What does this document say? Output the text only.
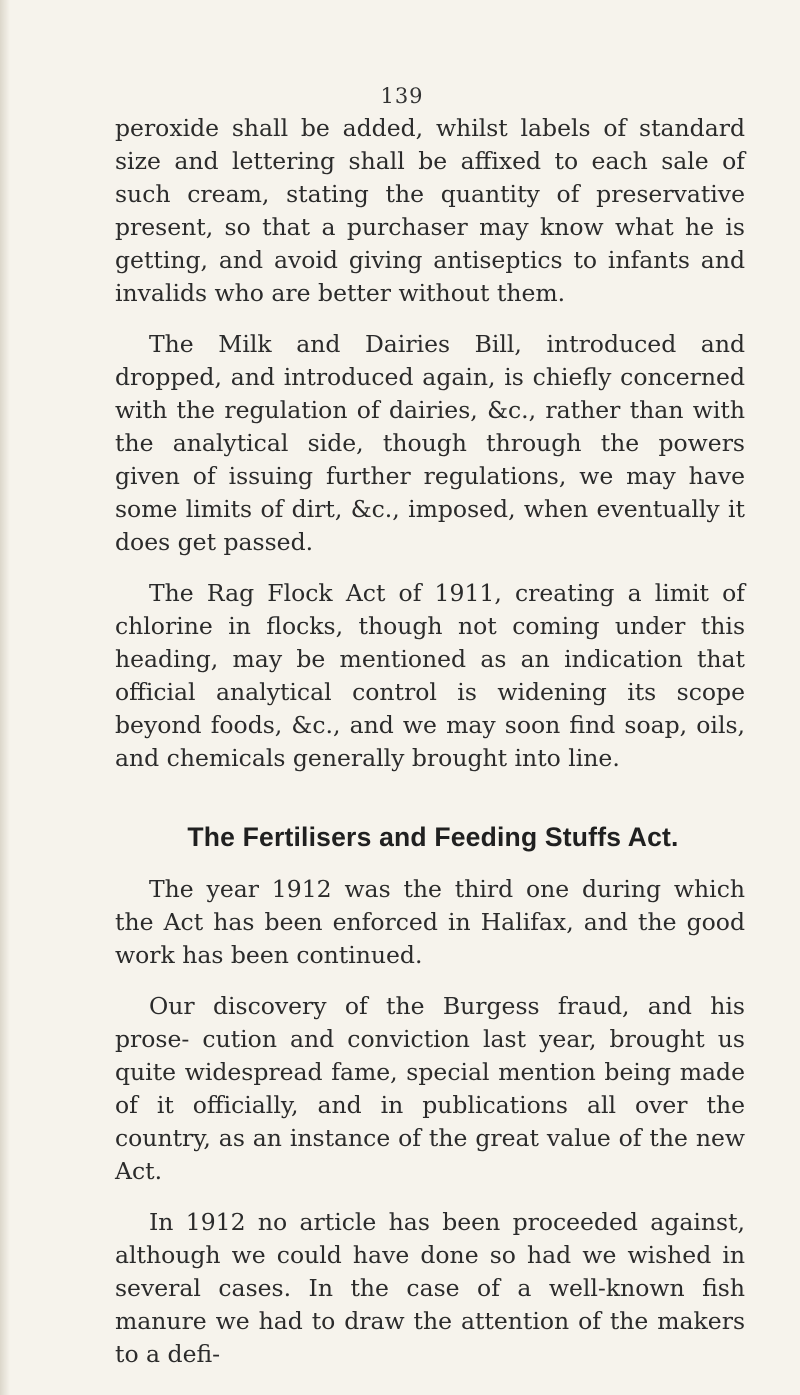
139

peroxide shall be added, whilst labels of standard size and lettering shall be affixed to each sale of such cream, stating the quantity of preservative present, so that a purchaser may know what he is getting, and avoid giving antiseptics to infants and invalids who are better without them.

The Milk and Dairies Bill, introduced and dropped, and introduced again, is chiefly concerned with the regulation of dairies, &c., rather than with the analytical side, though through the powers given of issuing further regulations, we may have some limits of dirt, &c., imposed, when eventually it does get passed.

The Rag Flock Act of 1911, creating a limit of chlorine in flocks, though not coming under this heading, may be mentioned as an indication that official analytical control is widening its scope beyond foods, &c., and we may soon find soap, oils, and chemicals generally brought into line.

The Fertilisers and Feeding Stuffs Act.

The year 1912 was the third one during which the Act has been enforced in Halifax, and the good work has been continued.

Our discovery of the Burgess fraud, and his prose- cution and conviction last year, brought us quite widespread fame, special mention being made of it officially, and in publications all over the country, as an instance of the great value of the new Act.

In 1912 no article has been proceeded against, although we could have done so had we wished in several cases. In the case of a well-known fish manure we had to draw the attention of the makers to a defi-
